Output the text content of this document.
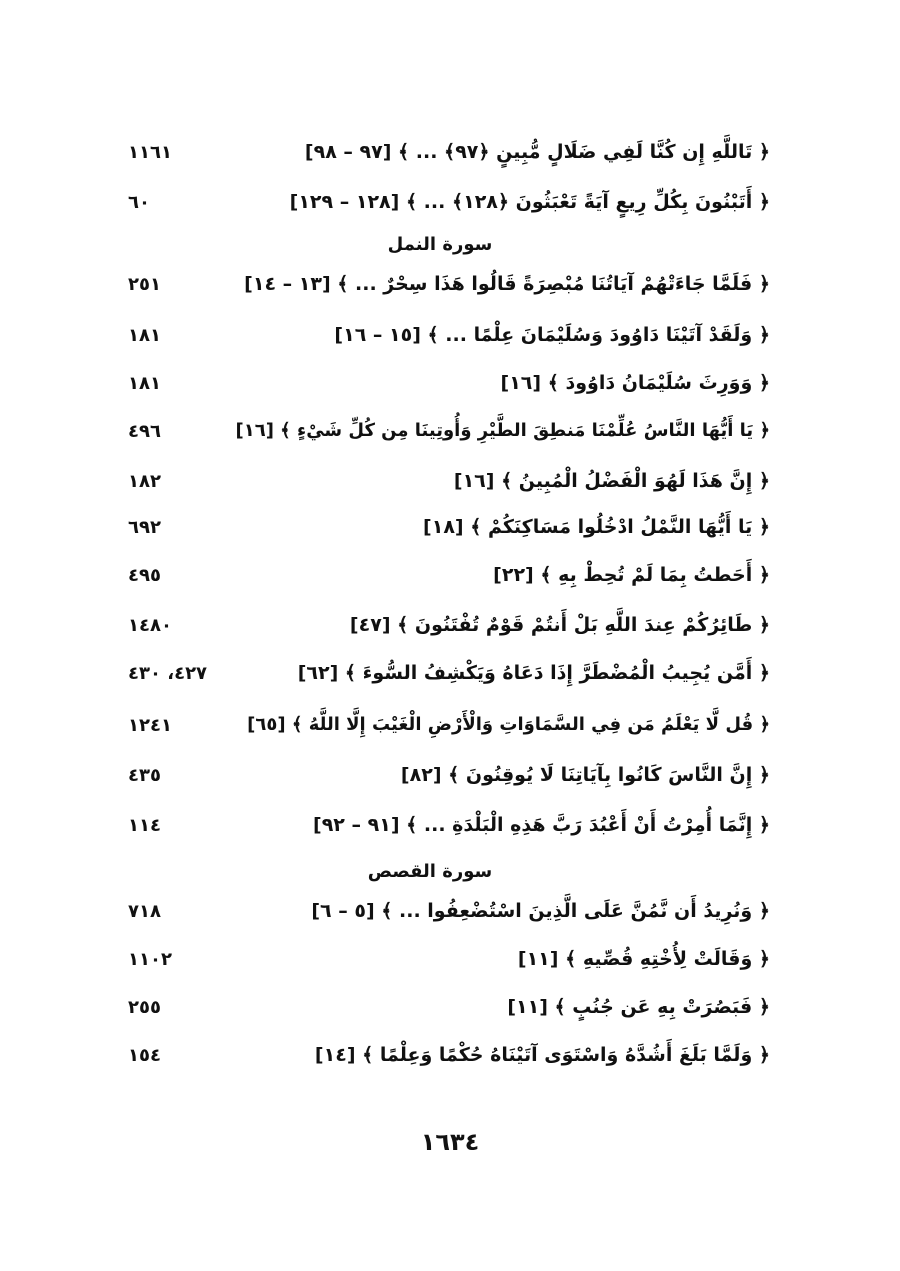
﴿ تَاللَّهِ إِن كُنَّا لَفِي ضَلَالٍ مُّبِينٍ ﴿٩٧﴾ ... ﴾ [٩٧ – ٩٨]
١١٦١
﴿ أَتَبْنُونَ بِكُلِّ رِيعٍ آيَةً تَعْبَثُونَ ﴿١٢٨﴾ ... ﴾ [١٢٨ – ١٢٩]
٦٠
سورة النمل
﴿ فَلَمَّا جَاءَتْهُمْ آيَاتُنَا مُبْصِرَةً قَالُوا هَذَا سِحْرٌ ... ﴾ [١٣ – ١٤]
٢٥١
﴿ وَلَقَدْ آتَيْنَا دَاوُودَ وَسُلَيْمَانَ عِلْمًا ... ﴾ [١٥ – ١٦]
١٨١
﴿ وَوَرِثَ سُلَيْمَانُ دَاوُودَ ﴾ [١٦]
١٨١
﴿ يَا أَيُّهَا النَّاسُ عُلِّمْنَا مَنطِقَ الطَّيْرِ وَأُوتِينَا مِن كُلِّ شَيْءٍ ﴾ [١٦]
٤٩٦
﴿ إِنَّ هَذَا لَهُوَ الْفَضْلُ الْمُبِينُ ﴾ [١٦]
١٨٢
﴿ يَا أَيُّهَا النَّمْلُ ادْخُلُوا مَسَاكِنَكُمْ ﴾ [١٨]
٦٩٢
﴿ أَحَطتُ بِمَا لَمْ تُحِطْ بِهِ ﴾ [٢٢]
٤٩٥
﴿ طَائِرُكُمْ عِندَ اللَّهِ بَلْ أَنتُمْ قَوْمٌ تُفْتَنُونَ ﴾ [٤٧]
١٤٨٠
﴿ أَمَّن يُجِيبُ الْمُضْطَرَّ إِذَا دَعَاهُ وَيَكْشِفُ السُّوءَ ﴾ [٦٢]
٤٢٧، ٤٣٠
﴿ قُل لَّا يَعْلَمُ مَن فِي السَّمَاوَاتِ وَالْأَرْضِ الْغَيْبَ إِلَّا اللَّهُ ﴾ [٦٥]
١٢٤١
﴿ إِنَّ النَّاسَ كَانُوا بِآيَاتِنَا لَا يُوقِنُونَ ﴾ [٨٢]
٤٣٥
﴿ إِنَّمَا أُمِرْتُ أَنْ أَعْبُدَ رَبَّ هَذِهِ الْبَلْدَةِ ... ﴾ [٩١ – ٩٢]
١١٤
سورة القصص
﴿ وَنُرِيدُ أَن نَّمُنَّ عَلَى الَّذِينَ اسْتُضْعِفُوا ... ﴾ [٥ – ٦]
٧١٨
﴿ وَقَالَتْ لِأُخْتِهِ قُصِّيهِ ﴾ [١١]
١١٠٢
﴿ فَبَصُرَتْ بِهِ عَن جُنُبٍ ﴾ [١١]
٢٥٥
﴿ وَلَمَّا بَلَغَ أَشُدَّهُ وَاسْتَوَى آتَيْنَاهُ حُكْمًا وَعِلْمًا ﴾ [١٤]
١٥٤
١٦٣٤
